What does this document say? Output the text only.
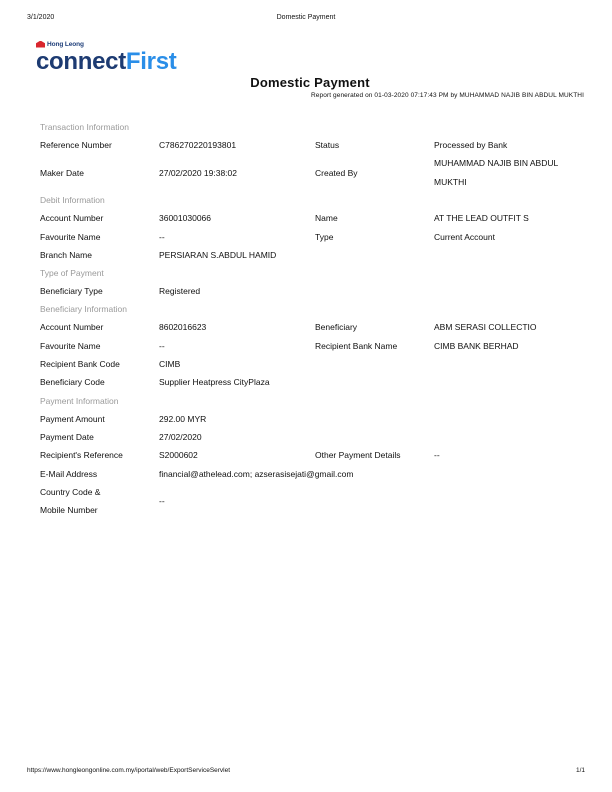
3/1/2020	Domestic Payment
Hong Leong
connectFirst
Domestic Payment
Report generated on 01-03-2020 07:17:43 PM by MUHAMMAD NAJIB BIN ABDUL MUKTHI
Transaction Information
Reference Number	C786270220193801	Status	Processed by Bank
Maker Date	27/02/2020 19:38:02	Created By
MUHAMMAD NAJIB BIN ABDUL
MUKTHI
Debit Information
Account Number	36001030066	Name	AT THE LEAD OUTFIT S
Favourite Name	--	Type	Current Account
Branch Name	PERSIARAN S.ABDUL HAMID
Type of Payment
Beneficiary Type	Registered
Beneficiary Information
Account Number	8602016623	Beneficiary	ABM SERASI COLLECTIO
Favourite Name	--	Recipient Bank Name	CIMB BANK BERHAD
Recipient Bank Code	CIMB
Beneficiary Code	Supplier Heatpress CityPlaza
Payment Information
Payment Amount	292.00 MYR
Payment Date	27/02/2020
Recipient's Reference	S2000602	Other Payment Details	--
E-Mail Address	financial@athelead.com; azserasisejati@gmail.com
Country Code &
Mobile Number
--
https://www.hongleongonline.com.my/iportal/web/ExportServiceServlet	1/1
